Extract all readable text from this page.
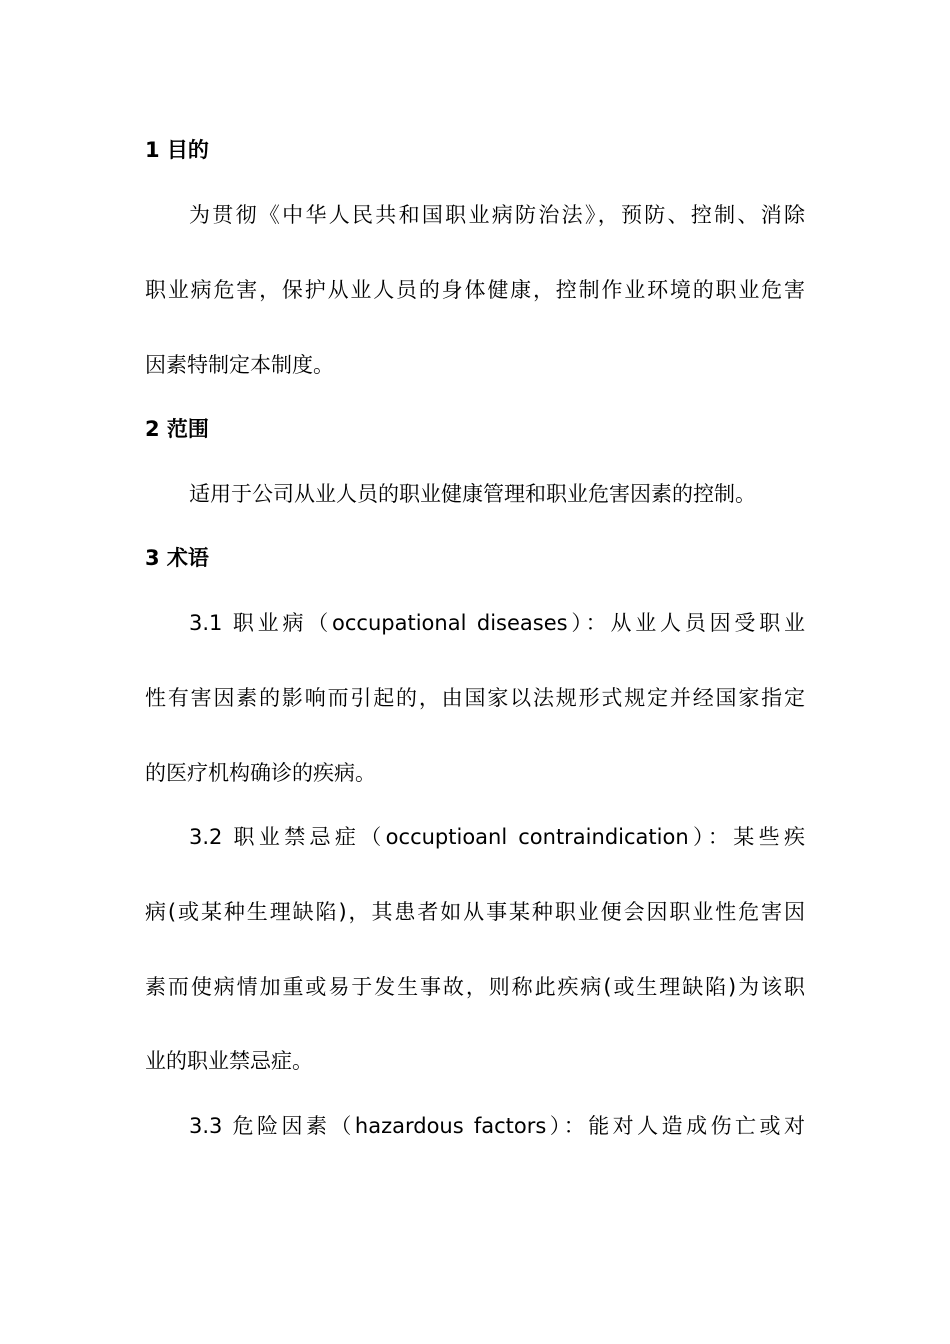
1 目的
为贯彻《中华人民共和国职业病防治法》，预防、控制、消除
职业病危害，保护从业人员的身体健康，控制作业环境的职业危害
因素特制定本制度。
2 范围
适用于公司从业人员的职业健康管理和职业危害因素的控制。
3 术语
3.1 职业病（occupational diseases）：从业人员因受职业
性有害因素的影响而引起的，由国家以法规形式规定并经国家指定
的医疗机构确诊的疾病。
3.2 职业禁忌症（occuptioanl contraindication）：某些疾
病(或某种生理缺陷)，其患者如从事某种职业便会因职业性危害因
素而使病情加重或易于发生事故，则称此疾病(或生理缺陷)为该职
业的职业禁忌症。
3.3 危险因素（hazardous factors）：能对人造成伤亡或对
